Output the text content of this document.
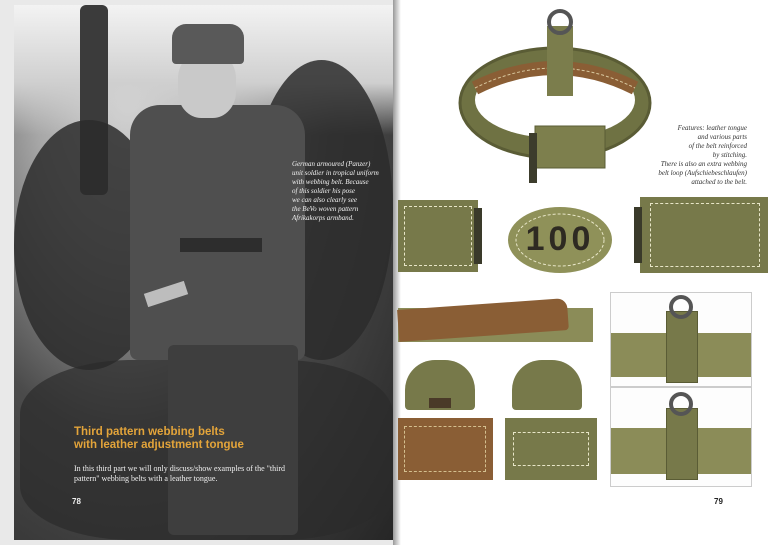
German armoured (Panzer)
unit soldier in tropical uniform
with webbing belt. Because
of this soldier his pose
we can also clearly see
the BeVo woven pattern
Afrikakorps armband.
Third pattern webbing belts
with leather adjustment tongue
In this third part we will only discuss/show examples of the "third
pattern" webbing belts with a leather tongue.
78
Features: leather tongue
and various parts
of the belt reinforced
by stitching.
There is also an extra webbing
belt loop (Aufschiebeschlaufen)
attached to the belt.
100
79
